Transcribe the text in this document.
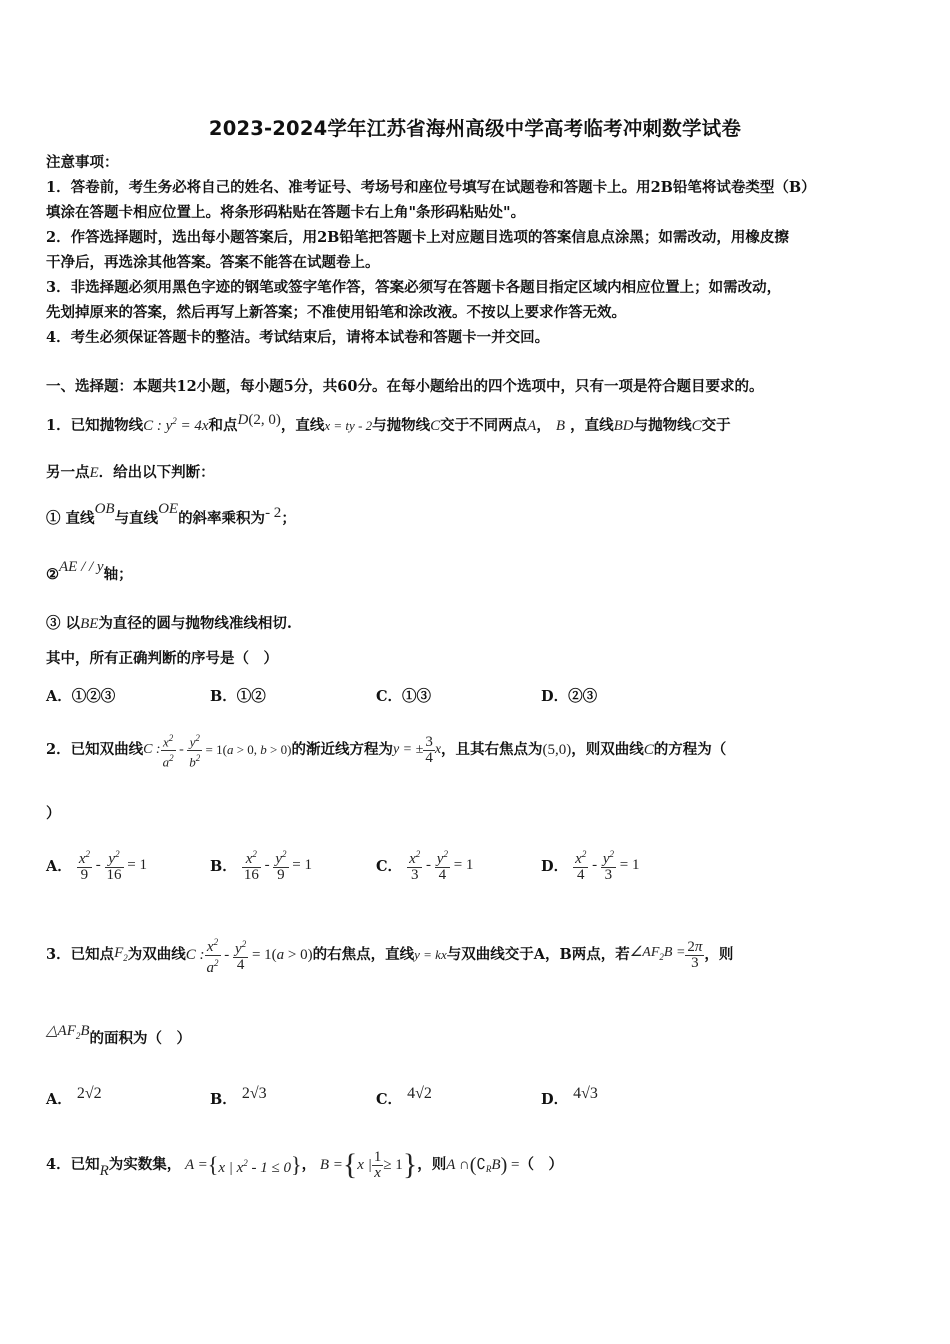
2023-2024学年江苏省海州高级中学高考临考冲刺数学试卷
注意事项：
1．答卷前，考生务必将自己的姓名、准考证号、考场号和座位号填写在试题卷和答题卡上。用2B铅笔将试卷类型（B）
填涂在答题卡相应位置上。将条形码粘贴在答题卡右上角"条形码粘贴处"。
2．作答选择题时，选出每小题答案后，用2B铅笔把答题卡上对应题目选项的答案信息点涂黑；如需改动，用橡皮擦
干净后，再选涂其他答案。答案不能答在试题卷上。
3．非选择题必须用黑色字迹的钢笔或签字笔作答，答案必须写在答题卡各题目指定区域内相应位置上；如需改动，
先划掉原来的答案，然后再写上新答案；不准使用铅笔和涂改液。不按以上要求作答无效。
4．考生必须保证答题卡的整洁。考试结束后，请将本试卷和答题卡一并交回。
一、选择题：本题共12小题，每小题5分，共60分。在每小题给出的四个选项中，只有一项是符合题目要求的。
1．已知抛物线C : $y^2 = 4x$和点D(2, 0)，直线x = ty - 2与抛物线C交于不同两点A， B ，直线BD与抛物线C交于
另一点E．给出以下判断：
① 直线OB与直线OE的斜率乘积为- 2；
②AE / / y轴；
③ 以BE为直径的圆与抛物线准线相切.
其中，所有正确判断的序号是（　）
A．①②③	B．①②	C．①③	D．②③
2．已知双曲线 C : $\frac{x^2}{a^2} - \frac{y^2}{b^2} = 1(a > 0$, b > 0) 的渐近线方程为 y = ± $\frac{3}{4}$ x ，且其右焦点为 (5,0) ，则双曲线 C 的方程为（
）
A．
$\frac{x^2}{9} - \frac{y^2}{16} = 1$	B．
$\frac{x^2}{16} - \frac{y^2}{9} = 1$	C．
$\frac{x^2}{3} - \frac{y^2}{4} = 1$	D．
$\frac{x^2}{4} - \frac{y^2}{3} = 1$
3．已知点 $F_2$ 为双曲线 C : $\frac{x^2}{a^2} - \frac{y^2}{4} = 1(a > 0)$ 的右焦点，直线 y = kx 与双曲线交于A，B两点，若 $\angle AF_2B = \frac{2\pi}{3}$ ，则
$\triangle AF_2B$的面积为（　）
A． 2√2	B． 2√3	C． 4√2	D． 4√3
4．已知 R 为实数集， A = { x | $x^2 - 1 \le 0$ } ， B = { x | $\frac{1}{x} \ge 1$ } ，则 A ∩ ( ∁ R B ) = （　）
